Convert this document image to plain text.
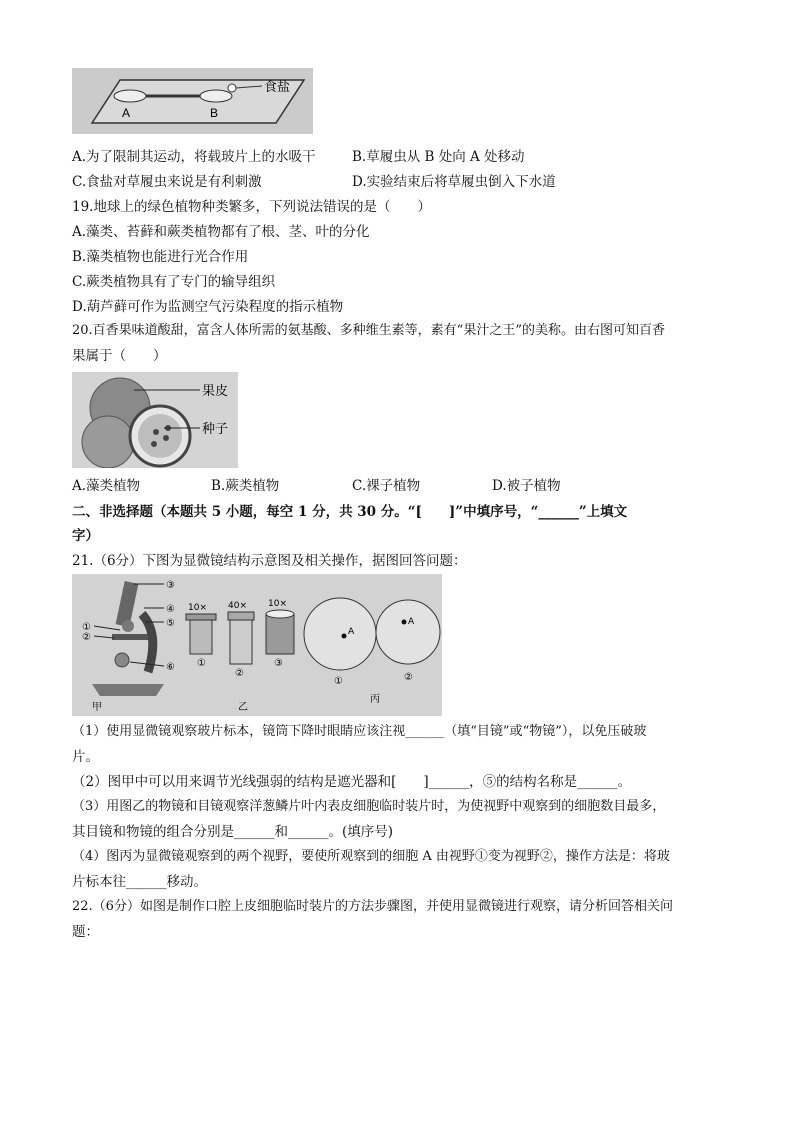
A	B
食盐
A.为了限制其运动，将载玻片上的水吸干	B.草履虫从 B 处向 A 处移动
C.食盐对草履虫来说是有利刺激	D.实验结束后将草履虫倒入下水道
19.地球上的绿色植物种类繁多，下列说法错误的是（　　）
A.藻类、苔藓和蕨类植物都有了根、茎、叶的分化
B.藻类植物也能进行光合作用
C.蕨类植物具有了专门的输导组织
D.葫芦藓可作为监测空气污染程度的指示植物
20.百香果味道酸甜，富含人体所需的氨基酸、多种维生素等，素有“果汁之王”的美称。由右图可知百香
果属于（　　）
果皮
种子
A.藻类植物	B.蕨类植物	C.裸子植物	D.被子植物
二、非选择题（本题共 5 小题，每空 1 分，共 30 分。“[　　]”中填序号，“______”上填文
字）
21.（6分）下图为显微镜结构示意图及相关操作，据图回答问题：
③
④
⑤
①
②
⑥
甲
10×
①
40×
②
10×
③
乙
A
①
A
②
丙
（1）使用显微镜观察玻片标本，镜筒下降时眼睛应该注视______（填“目镜”或“物镜”），以免压破玻
片。
（2）图甲中可以用来调节光线强弱的结构是遮光器和[　　]______，⑤的结构名称是______。
（3）用图乙的物镜和目镜观察洋葱鳞片叶内表皮细胞临时装片时，为使视野中观察到的细胞数目最多，
其目镜和物镜的组合分别是______和______。(填序号)
（4）图丙为显微镜观察到的两个视野，要使所观察到的细胞 A 由视野①变为视野②，操作方法是：将玻
片标本往______移动。
22.（6分）如图是制作口腔上皮细胞临时装片的方法步骤图，并使用显微镜进行观察，请分析回答相关问
题：
